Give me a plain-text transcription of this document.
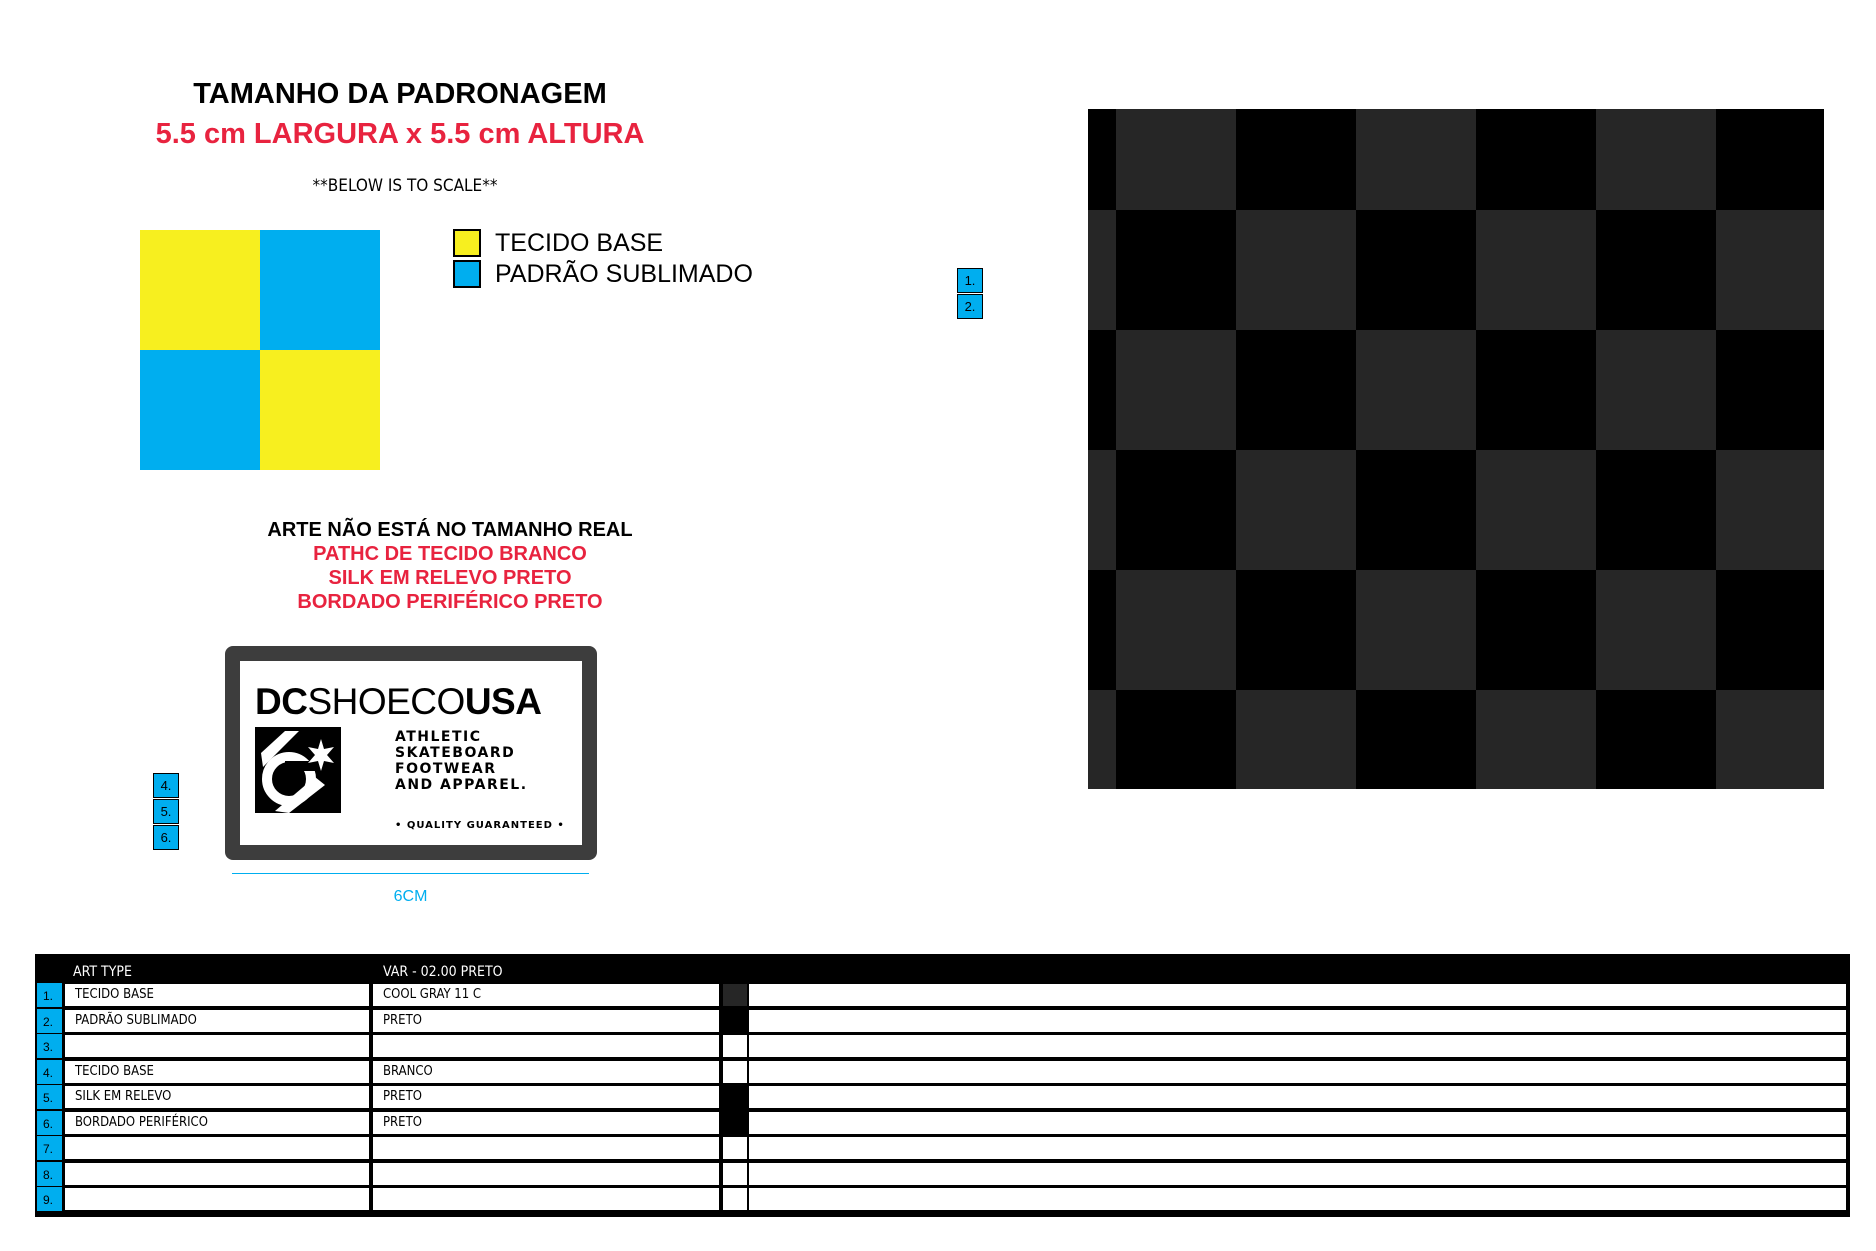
TAMANHO DA PADRONAGEM
5.5 cm LARGURA x 5.5 cm ALTURA
**BELOW IS TO SCALE**
TECIDO BASE
PADRÃO SUBLIMADO	1.
2.
ARTE NÃO ESTÁ NO TAMANHO REAL
PATHC DE TECIDO BRANCO
SILK EM RELEVO PRETO
BORDADO PERIFÉRICO PRETO
4.
5.
6.
DCSHOECOUSA
ATHLETIC
SKATEBOARD
FOOTWEAR
AND APPAREL.
• QUALITY GUARANTEED •
6CM
ART TYPE	VAR - 02.00 PRETO
1.	TECIDO BASE	COOL GRAY 11 C
2.	PADRÃO SUBLIMADO	PRETO
3.
4.	TECIDO BASE	BRANCO
5.	SILK EM RELEVO	PRETO
6.	BORDADO PERIFÉRICO	PRETO
7.
8.
9.
